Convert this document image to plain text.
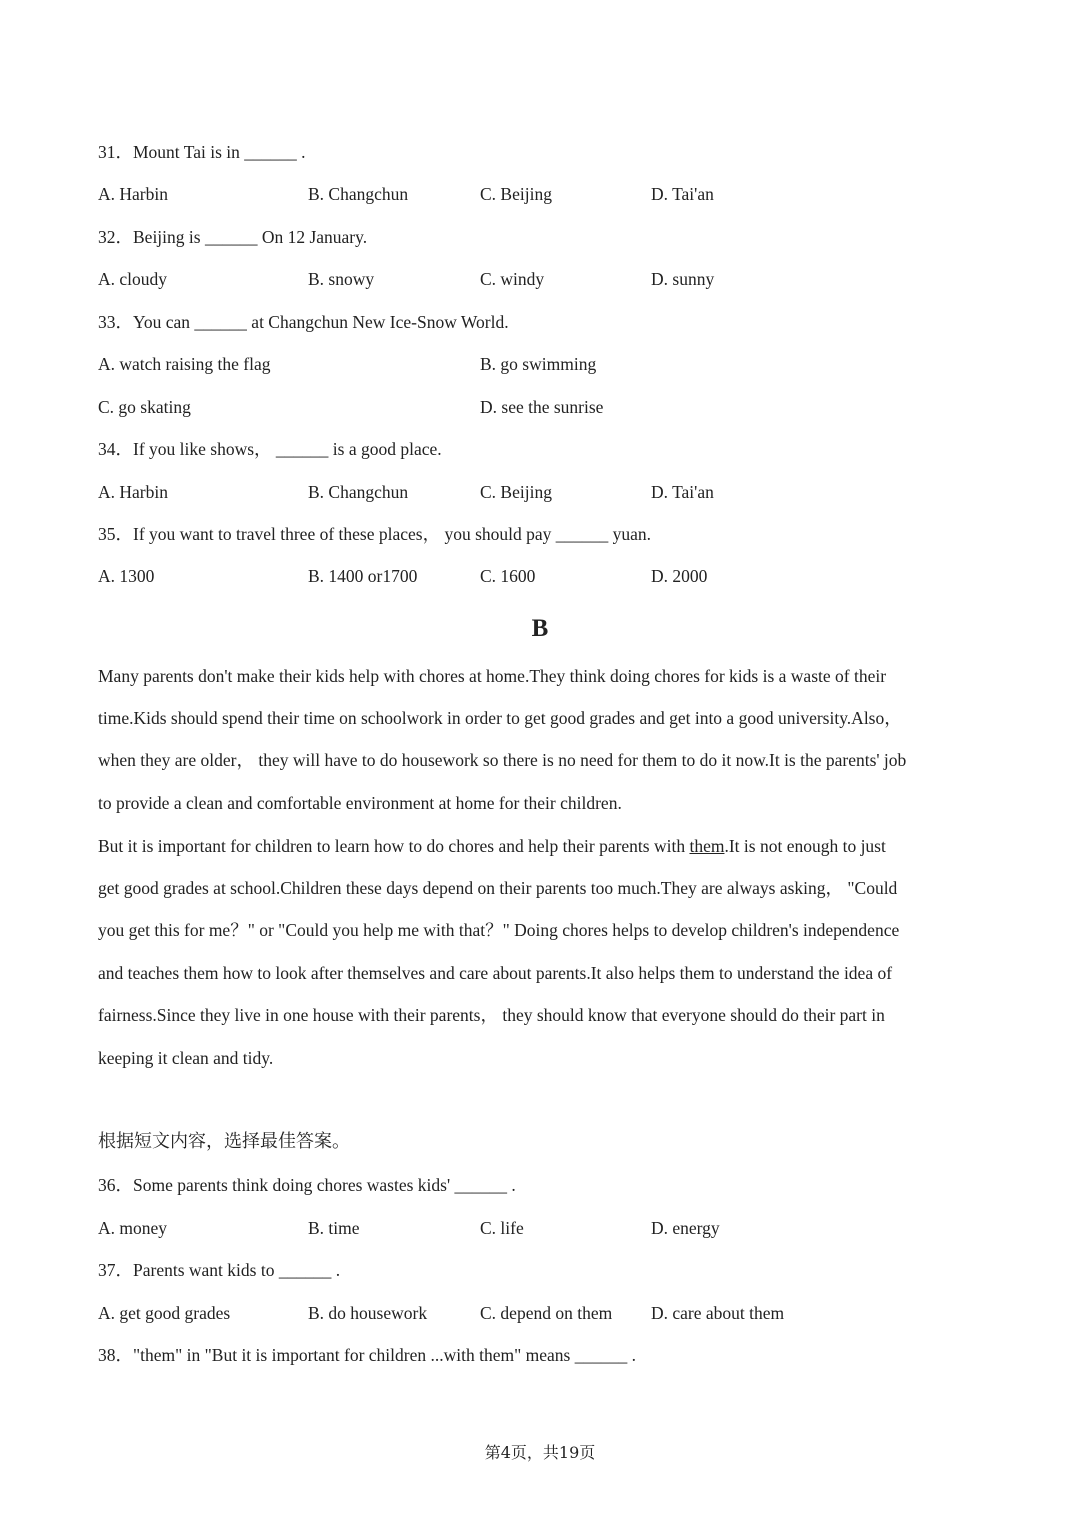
31．Mount Tai is in ______ .
A. Harbin	B. Changchun	C. Beijing	D. Tai'an
32．Beijing is ______ On 12 January.
A. cloudy	B. snowy	C. windy	D. sunny
33．You can ______ at Changchun New Ice-Snow World.
A. watch raising the flag	B. go swimming
C. go skating	D. see the sunrise
34．If you like shows， ______ is a good place.
A. Harbin	B. Changchun	C. Beijing	D. Tai'an
35．If you want to travel three of these places， you should pay ______ yuan.
A. 1300	B. 1400 or1700	C. 1600	D. 2000
B
Many parents don't make their kids help with chores at home.They think doing chores for kids is a waste of their
time.Kids should spend their time on schoolwork in order to get good grades and get into a good university.Also，
when they are older， they will have to do housework so there is no need for them to do it now.It is the parents' job
to provide a clean and comfortable environment at home for their children.
But it is important for children to learn how to do chores and help their parents with them.It is not enough to just
get good grades at school.Children these days depend on their parents too much.They are always asking， "Could
you get this for me？" or "Could you help me with that？" Doing chores helps to develop children's independence
and teaches them how to look after themselves and care about parents.It also helps them to understand the idea of
fairness.Since they live in one house with their parents， they should know that everyone should do their part in
keeping it clean and tidy.
根据短文内容，选择最佳答案。
36．Some parents think doing chores wastes kids' ______ .
A. money	B. time	C. life	D. energy
37．Parents want kids to ______ .
A. get good grades	B. do housework	C. depend on them D. care about them
38．"them" in "But it is important for children ...with them" means ______ .
第4页，共19页
